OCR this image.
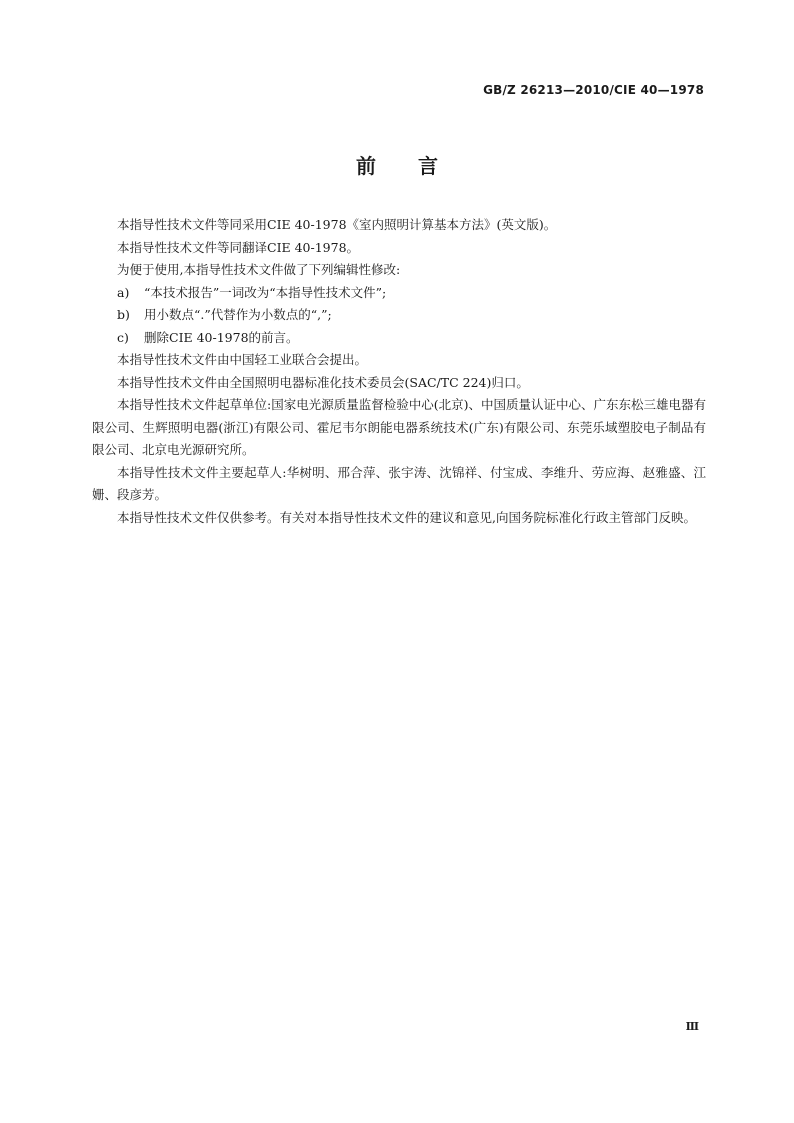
GB/Z 26213—2010/CIE 40—1978
前言

本指导性技术文件等同采用CIE 40-1978《室内照明计算基本方法》(英文版)。

本指导性技术文件等同翻译CIE 40-1978。

为便于使用,本指导性技术文件做了下列编辑性修改:

a) “本技术报告”一词改为“本指导性技术文件”;

b) 用小数点“.”代替作为小数点的“,”;

c) 删除CIE 40-1978的前言。

本指导性技术文件由中国轻工业联合会提出。

本指导性技术文件由全国照明电器标准化技术委员会(SAC/TC 224)归口。

本指导性技术文件起草单位:国家电光源质量监督检验中心(北京)、中国质量认证中心、广东东松三雄电器有限公司、生辉照明电器(浙江)有限公司、霍尼韦尔朗能电器系统技术(广东)有限公司、东莞乐域塑胶电子制品有限公司、北京电光源研究所。

本指导性技术文件主要起草人:华树明、邢合萍、张宇涛、沈锦祥、付宝成、李维升、劳应海、赵雅盛、江姗、段彦芳。

本指导性技术文件仅供参考。有关对本指导性技术文件的建议和意见,向国务院标准化行政主管部门反映。

Ⅲ
